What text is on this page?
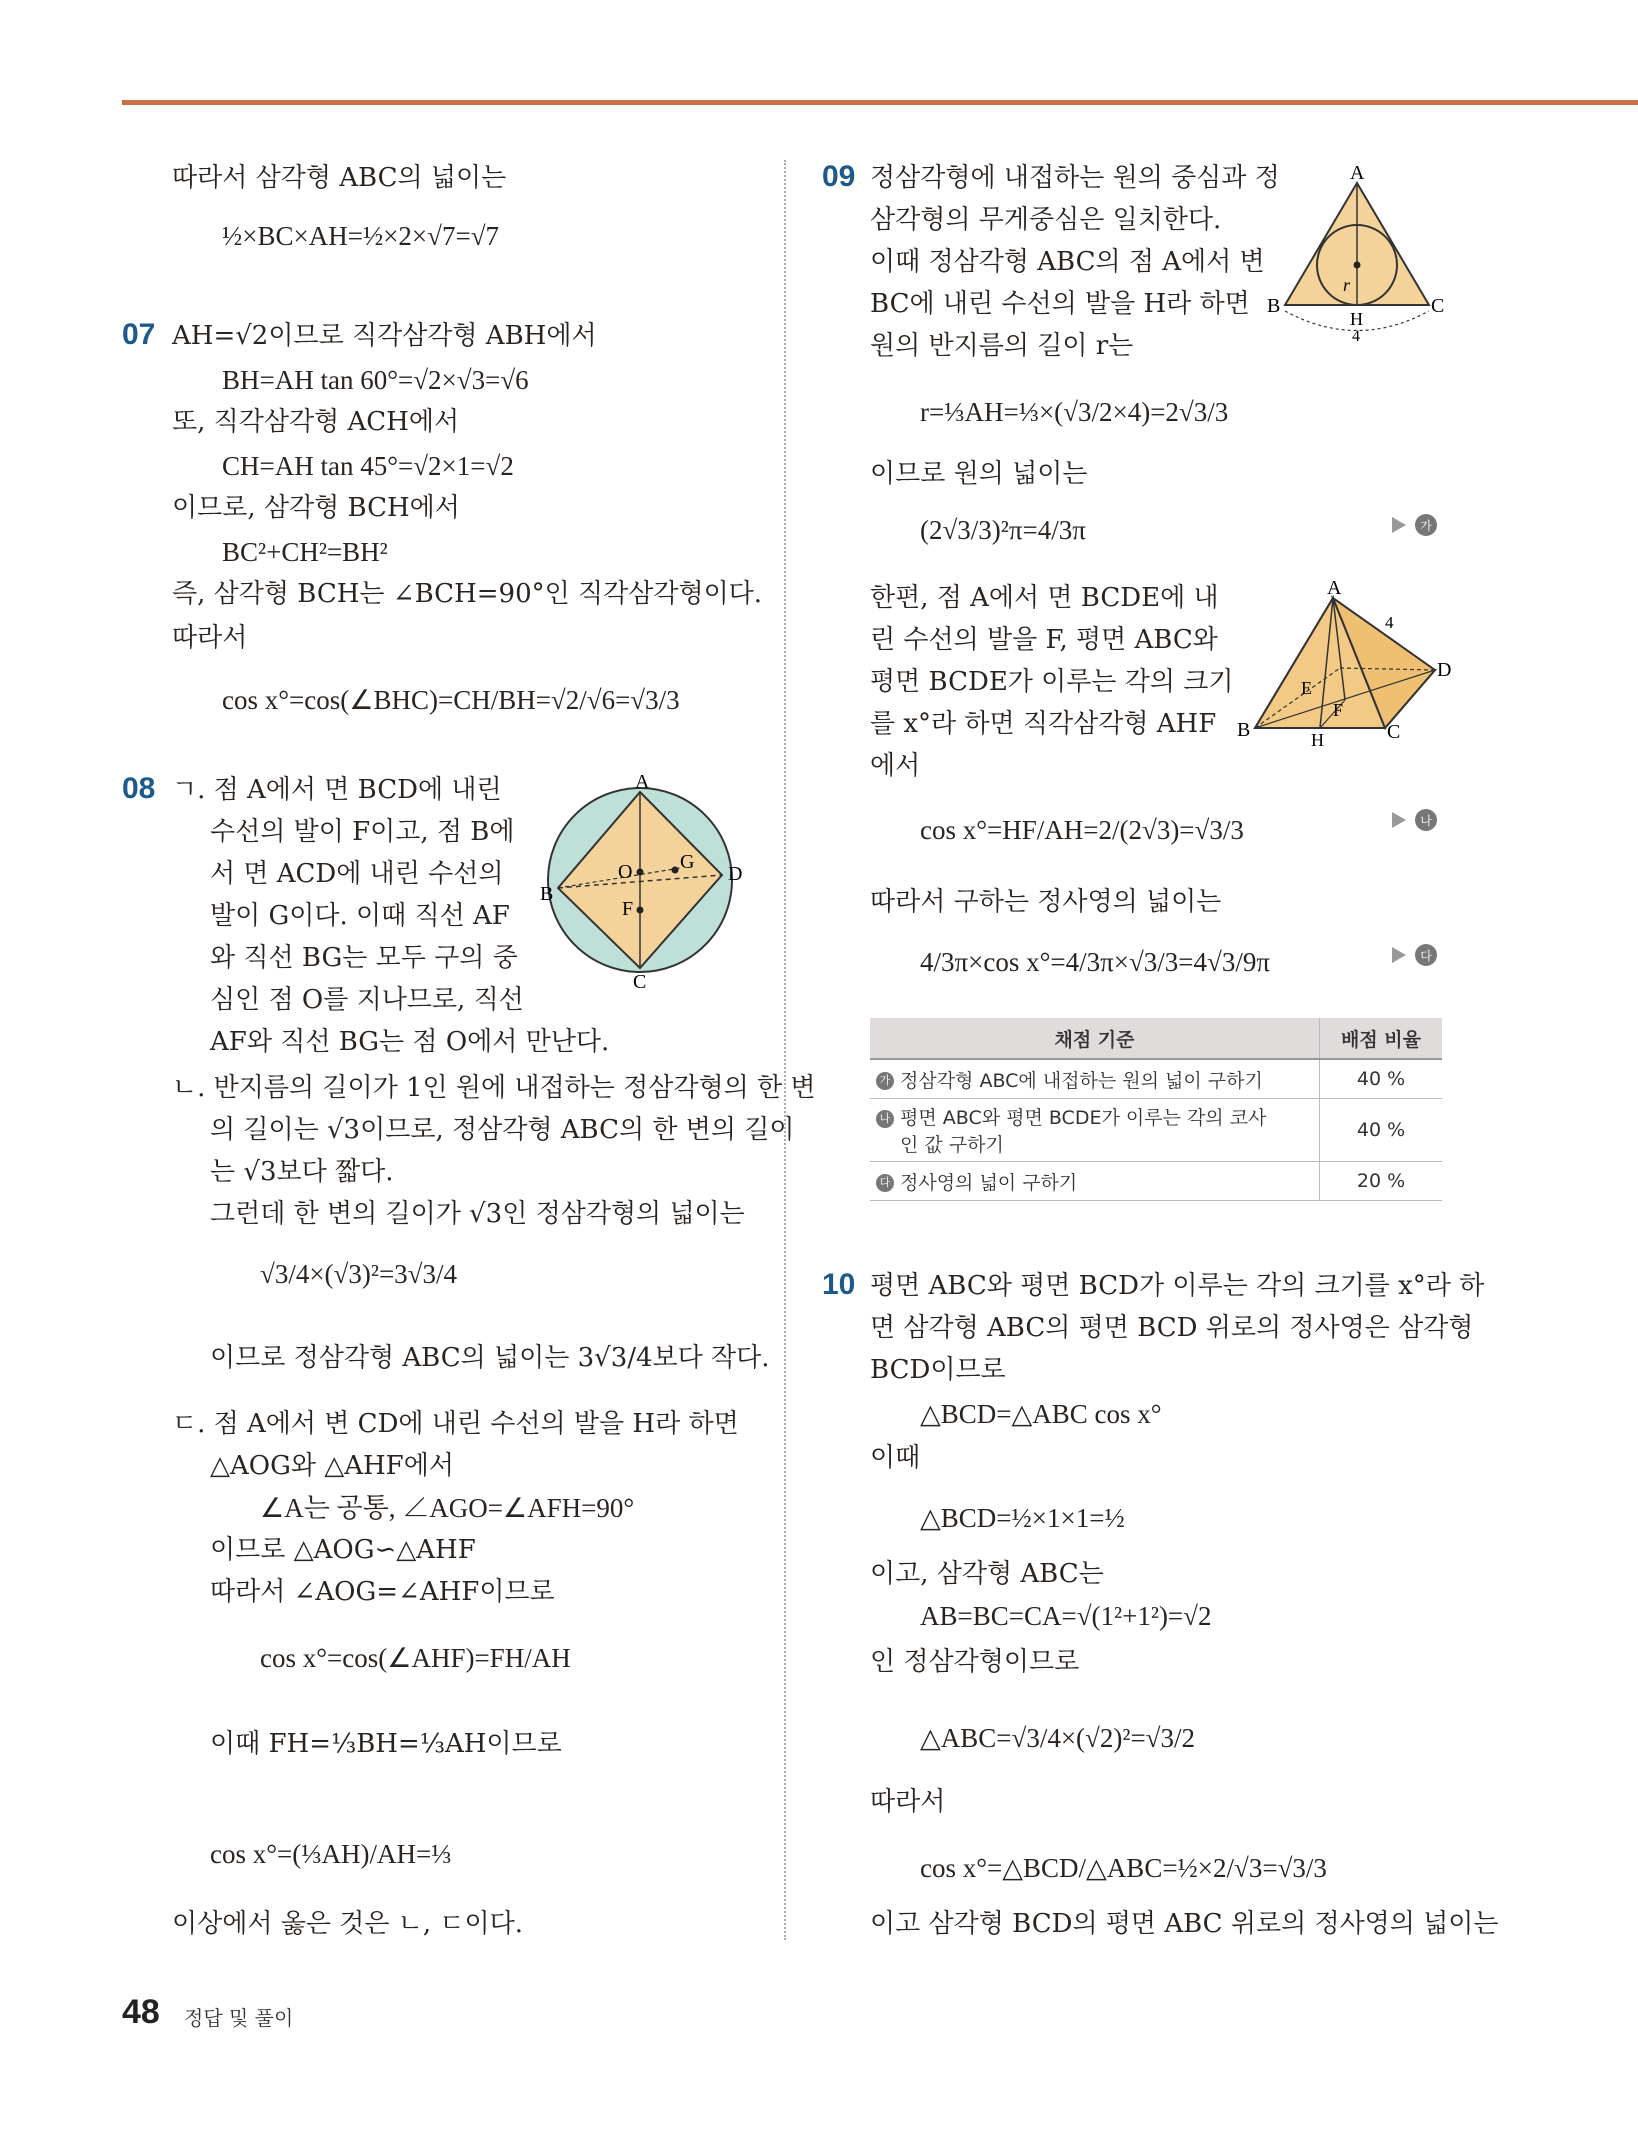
따라서 삼각형 ABC의 넓이는
½×BC×AH=½×2×√7=√7
07 AH=√2이므로 직각삼각형 ABH에서
BH=AH tan 60°=√2×√3=√6
또, 직각삼각형 ACH에서
CH=AH tan 45°=√2×1=√2
이므로, 삼각형 BCH에서
BC²+CH²=BH²
즉, 삼각형 BCH는 ∠BCH=90°인 직각삼각형이다.
따라서
cos x°=cos(∠BHC)=CH/BH=√2/√6=√3/3
08 ㄱ. 점 A에서 면 BCD에 내린
수선의 발이 F이고, 점 B에
서 면 ACD에 내린 수선의
발이 G이다. 이때 직선 AF
와 직선 BG는 모두 구의 중
심인 점 O를 지나므로, 직선
AF와 직선 BG는 점 O에서 만난다.
A
B
C
D
O G
F
ㄴ. 반지름의 길이가 1인 원에 내접하는 정삼각형의 한 변
의 길이는 √3이므로, 정삼각형 ABC의 한 변의 길이
는 √3보다 짧다.
그런데 한 변의 길이가 √3인 정삼각형의 넓이는
√3/4×(√3)²=3√3/4
이므로 정삼각형 ABC의 넓이는 3√3/4보다 작다.
ㄷ. 점 A에서 변 CD에 내린 수선의 발을 H라 하면
△AOG와 △AHF에서
∠A는 공통, ∠AGO=∠AFH=90°
이므로 △AOG∽△AHF
따라서 ∠AOG=∠AHF이므로
cos x°=cos(∠AHF)=FH/AH
이때 FH=⅓BH=⅓AH이므로
cos x°=(⅓AH)/AH=⅓
이상에서 옳은 것은 ㄴ, ㄷ이다.
09 정삼각형에 내접하는 원의 중심과 정
삼각형의 무게중심은 일치한다.
이때 정삼각형 ABC의 점 A에서 변
BC에 내린 수선의 발을 H라 하면
원의 반지름의 길이 r는
A
B	C
H
r
4
r=⅓AH=⅓×(√3/2×4)=2√3/3
이므로 원의 넓이는
(2√3/3)²π=4/3π	가
한편, 점 A에서 면 BCDE에 내
린 수선의 발을 F, 평면 ABC와
평면 BCDE가 이루는 각의 크기
를 x°라 하면 직각삼각형 AHF
에서
A
B	C
D
E
F
H
4
cos x°=HF/AH=2/(2√3)=√3/3	나
따라서 구하는 정사영의 넓이는
4/3π×cos x°=4/3π×√3/3=4√3/9π	다
채점 기준	배점 비율
가 정삼각형 ABC에 내접하는 원의 넓이 구하기	40 %
나 평면 ABC와 평면 BCDE가 이루는 각의 코사
인 값 구하기	40 %
다 정사영의 넓이 구하기	20 %
10 평면 ABC와 평면 BCD가 이루는 각의 크기를 x°라 하
면 삼각형 ABC의 평면 BCD 위로의 정사영은 삼각형
BCD이므로
△BCD=△ABC cos x°
이때
△BCD=½×1×1=½
이고, 삼각형 ABC는
AB=BC=CA=√(1²+1²)=√2
인 정삼각형이므로
△ABC=√3/4×(√2)²=√3/2
따라서
cos x°=△BCD/△ABC=½×2/√3=√3/3
이고 삼각형 BCD의 평면 ABC 위로의 정사영의 넓이는
48 정답 및 풀이
